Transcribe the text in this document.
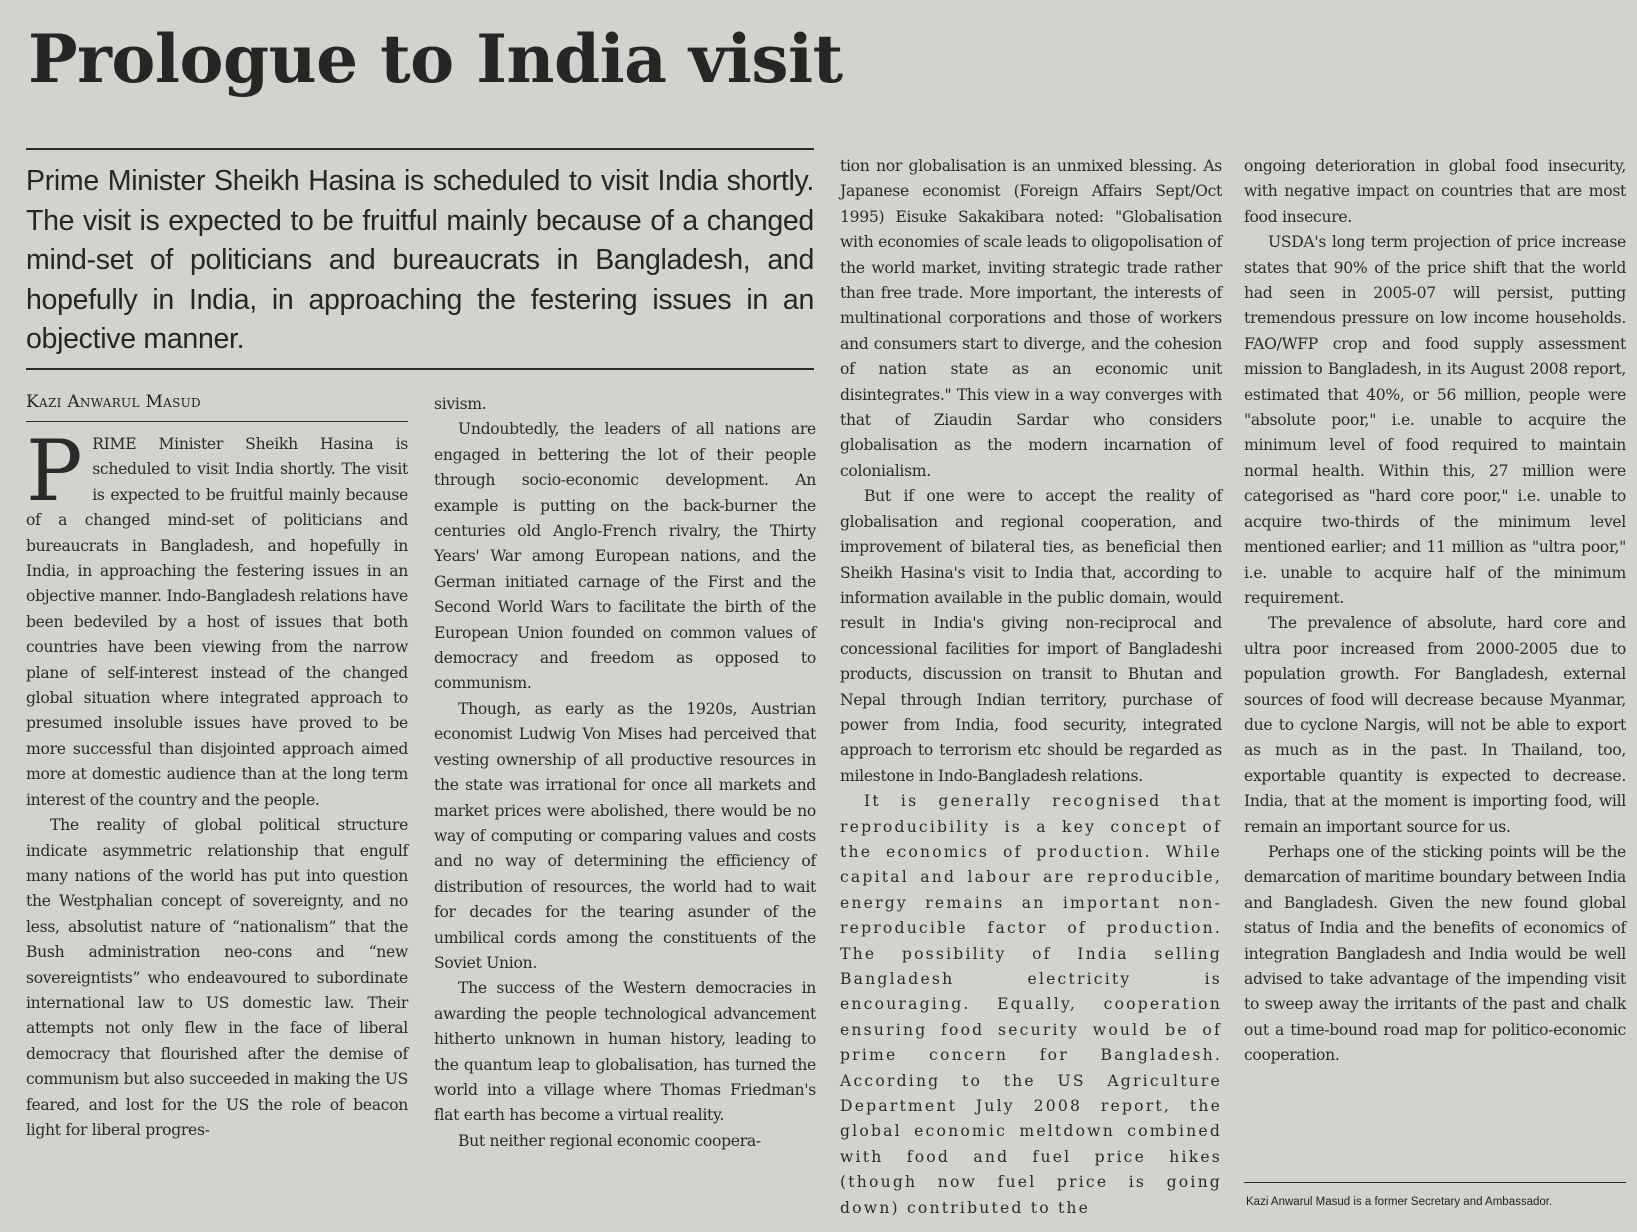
Prologue to India visit

Prime Minister Sheikh Hasina is scheduled to visit India shortly. The visit is expected to be fruitful mainly because of a changed mind-set of politicians and bureaucrats in Bangladesh, and hopefully in India, in approaching the festering issues in an objective manner.

Kazi Anwarul Masud

PRIME Minister Sheikh Hasina is scheduled to visit India shortly. The visit is expected to be fruitful mainly because of a changed mind-set of politicians and bureaucrats in Bangladesh, and hopefully in India, in approaching the festering issues in an objective manner. Indo-Bangladesh relations have been bedeviled by a host of issues that both countries have been viewing from the narrow plane of self-interest instead of the changed global situation where integrated approach to presumed insoluble issues have proved to be more successful than disjointed approach aimed more at domestic audience than at the long term interest of the country and the people.

The reality of global political structure indicate asymmetric relationship that engulf many nations of the world has put into question the Westphalian concept of sovereignty, and no less, absolutist nature of “nationalism” that the Bush administration neo-cons and “new sovereigntists” who endeavoured to subordinate international law to US domestic law. Their attempts not only flew in the face of liberal democracy that flourished after the demise of communism but also succeeded in making the US feared, and lost for the US the role of beacon light for liberal progres-

sivism.

Undoubtedly, the leaders of all nations are engaged in bettering the lot of their people through socio-economic development. An example is putting on the back-burner the centuries old Anglo-French rivalry, the Thirty Years' War among European nations, and the German initiated carnage of the First and the Second World Wars to facilitate the birth of the European Union founded on common values of democracy and freedom as opposed to communism.

Though, as early as the 1920s, Austrian economist Ludwig Von Mises had perceived that vesting ownership of all productive resources in the state was irrational for once all markets and market prices were abolished, there would be no way of computing or comparing values and costs and no way of determining the efficiency of distribution of resources, the world had to wait for decades for the tearing asunder of the umbilical cords among the constituents of the Soviet Union.

The success of the Western democracies in awarding the people technological advancement hitherto unknown in human history, leading to the quantum leap to globalisation, has turned the world into a village where Thomas Friedman's flat earth has become a virtual reality.

But neither regional economic coopera-

tion nor globalisation is an unmixed blessing. As Japanese economist (Foreign Affairs Sept/Oct 1995) Eisuke Sakakibara noted: "Globalisation with economies of scale leads to oligopolisation of the world market, inviting strategic trade rather than free trade. More important, the interests of multinational corporations and those of workers and consumers start to diverge, and the cohesion of nation state as an economic unit disintegrates." This view in a way converges with that of Ziaudin Sardar who considers globalisation as the modern incarnation of colonialism.

But if one were to accept the reality of globalisation and regional cooperation, and improvement of bilateral ties, as beneficial then Sheikh Hasina's visit to India that, according to information available in the public domain, would result in India's giving non-reciprocal and concessional facilities for import of Bangladeshi products, discussion on transit to Bhutan and Nepal through Indian territory, purchase of power from India, food security, integrated approach to terrorism etc should be regarded as milestone in Indo-Bangladesh relations.

It is generally recognised that reproducibility is a key concept of the economics of production. While capital and labour are reproducible, energy remains an important non-reproducible factor of production. The possibility of India selling Bangladesh electricity is encouraging. Equally, cooperation ensuring food security would be of prime concern for Bangladesh. According to the US Agriculture Department July 2008 report, the global economic meltdown combined with food and fuel price hikes (though now fuel price is going down) contributed to the

ongoing deterioration in global food insecurity, with negative impact on countries that are most food insecure.

USDA's long term projection of price increase states that 90% of the price shift that the world had seen in 2005-07 will persist, putting tremendous pressure on low income households. FAO/WFP crop and food supply assessment mission to Bangladesh, in its August 2008 report, estimated that 40%, or 56 million, people were "absolute poor," i.e. unable to acquire the minimum level of food required to maintain normal health. Within this, 27 million were categorised as "hard core poor," i.e. unable to acquire two-thirds of the minimum level mentioned earlier; and 11 million as "ultra poor," i.e. unable to acquire half of the minimum requirement.

The prevalence of absolute, hard core and ultra poor increased from 2000-2005 due to population growth. For Bangladesh, external sources of food will decrease because Myanmar, due to cyclone Nargis, will not be able to export as much as in the past. In Thailand, too, exportable quantity is expected to decrease. India, that at the moment is importing food, will remain an important source for us.

Perhaps one of the sticking points will be the demarcation of maritime boundary between India and Bangladesh. Given the new found global status of India and the benefits of economics of integration Bangladesh and India would be well advised to take advantage of the impending visit to sweep away the irritants of the past and chalk out a time-bound road map for politico-economic cooperation.

Kazi Anwarul Masud is a former Secretary and Ambassador.
